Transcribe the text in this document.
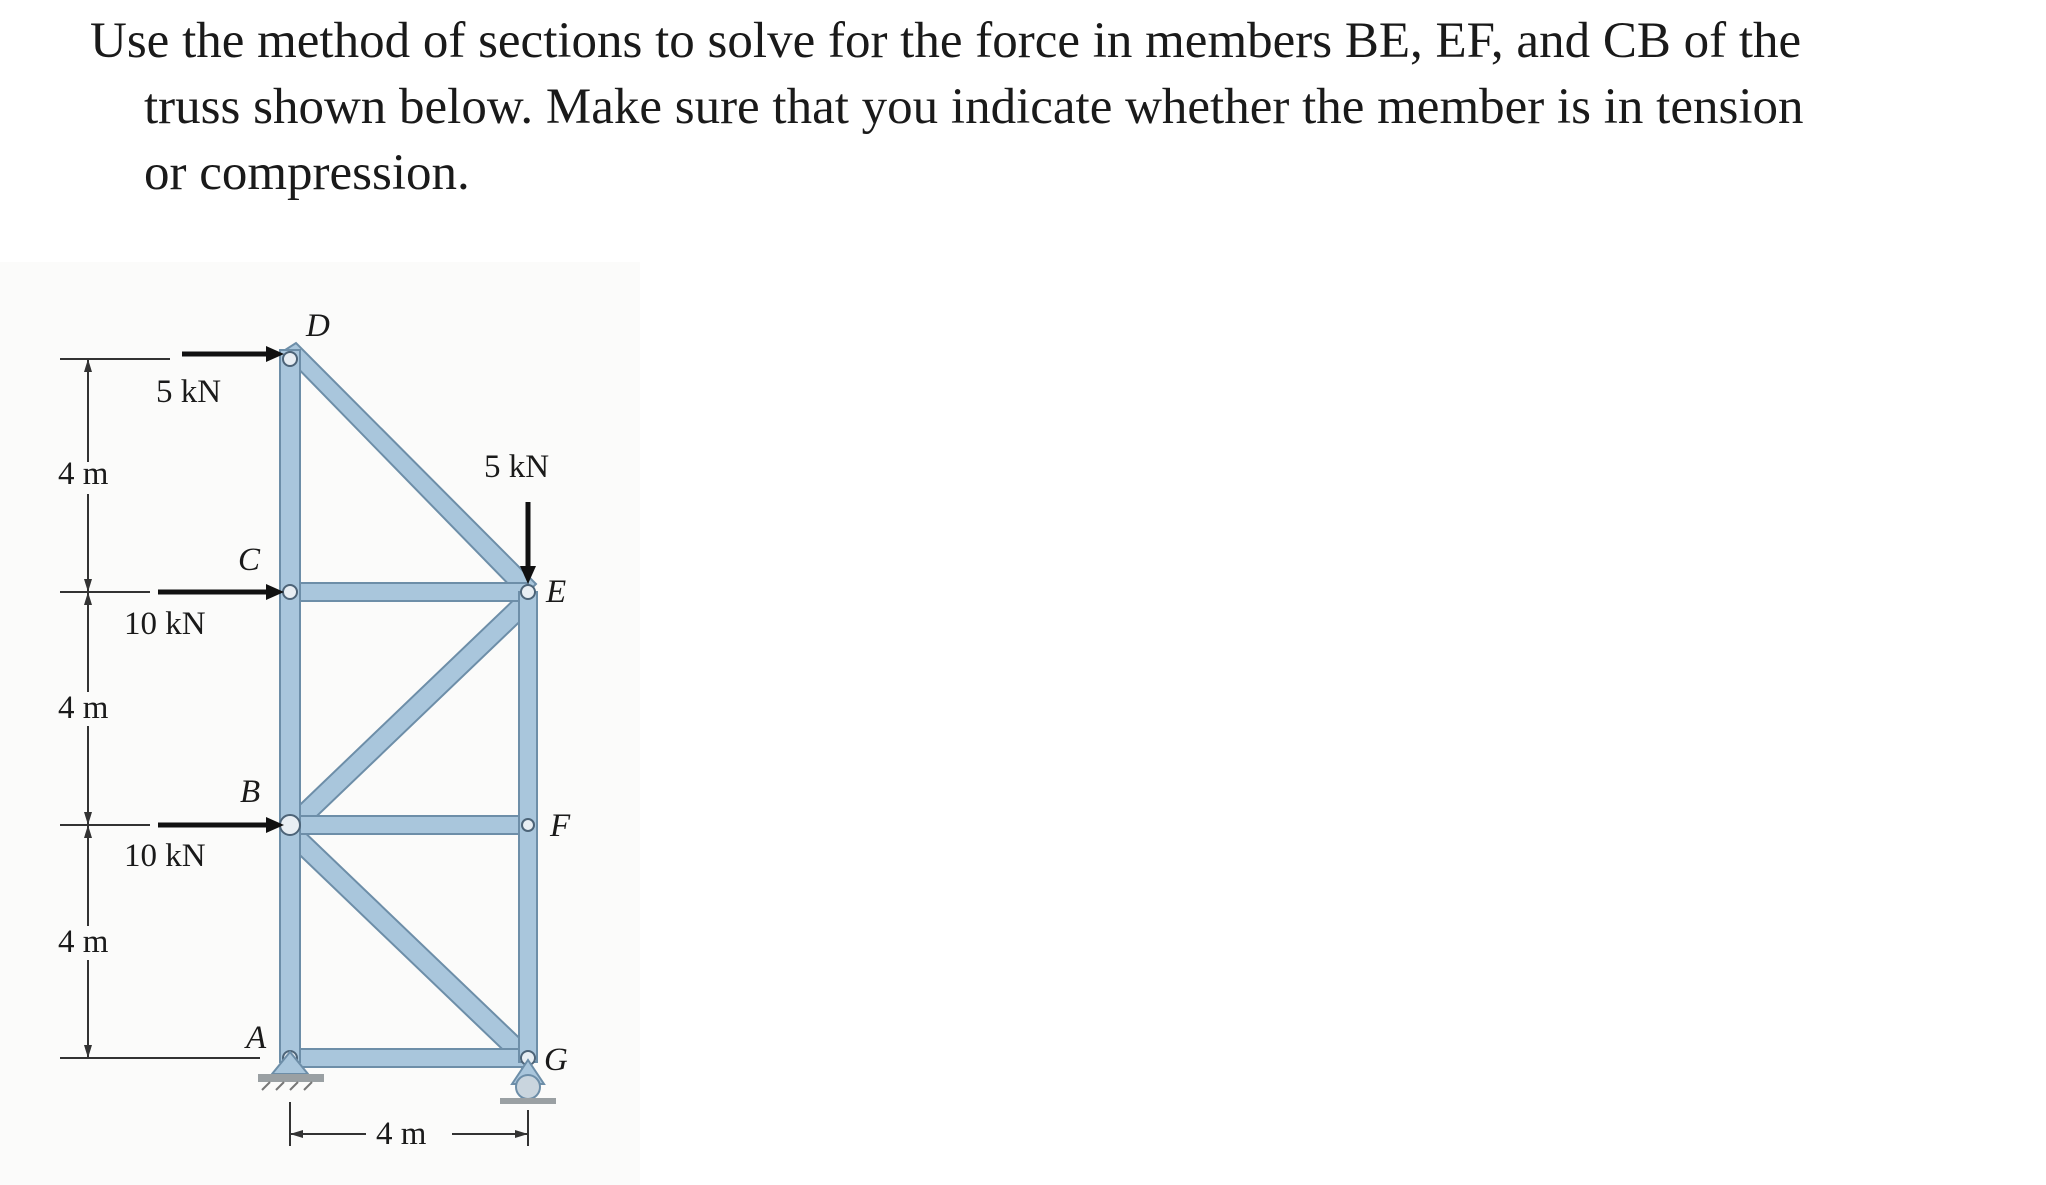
Use the method of sections to solve for the force in members BE, EF, and CB of the
truss shown below. Make sure that you indicate whether the member is in tension
or compression.
5 kN
5 kN
10 kN
10 kN
4 m
4 m
4 m
4 m
D
C
E
B
F
A
G
